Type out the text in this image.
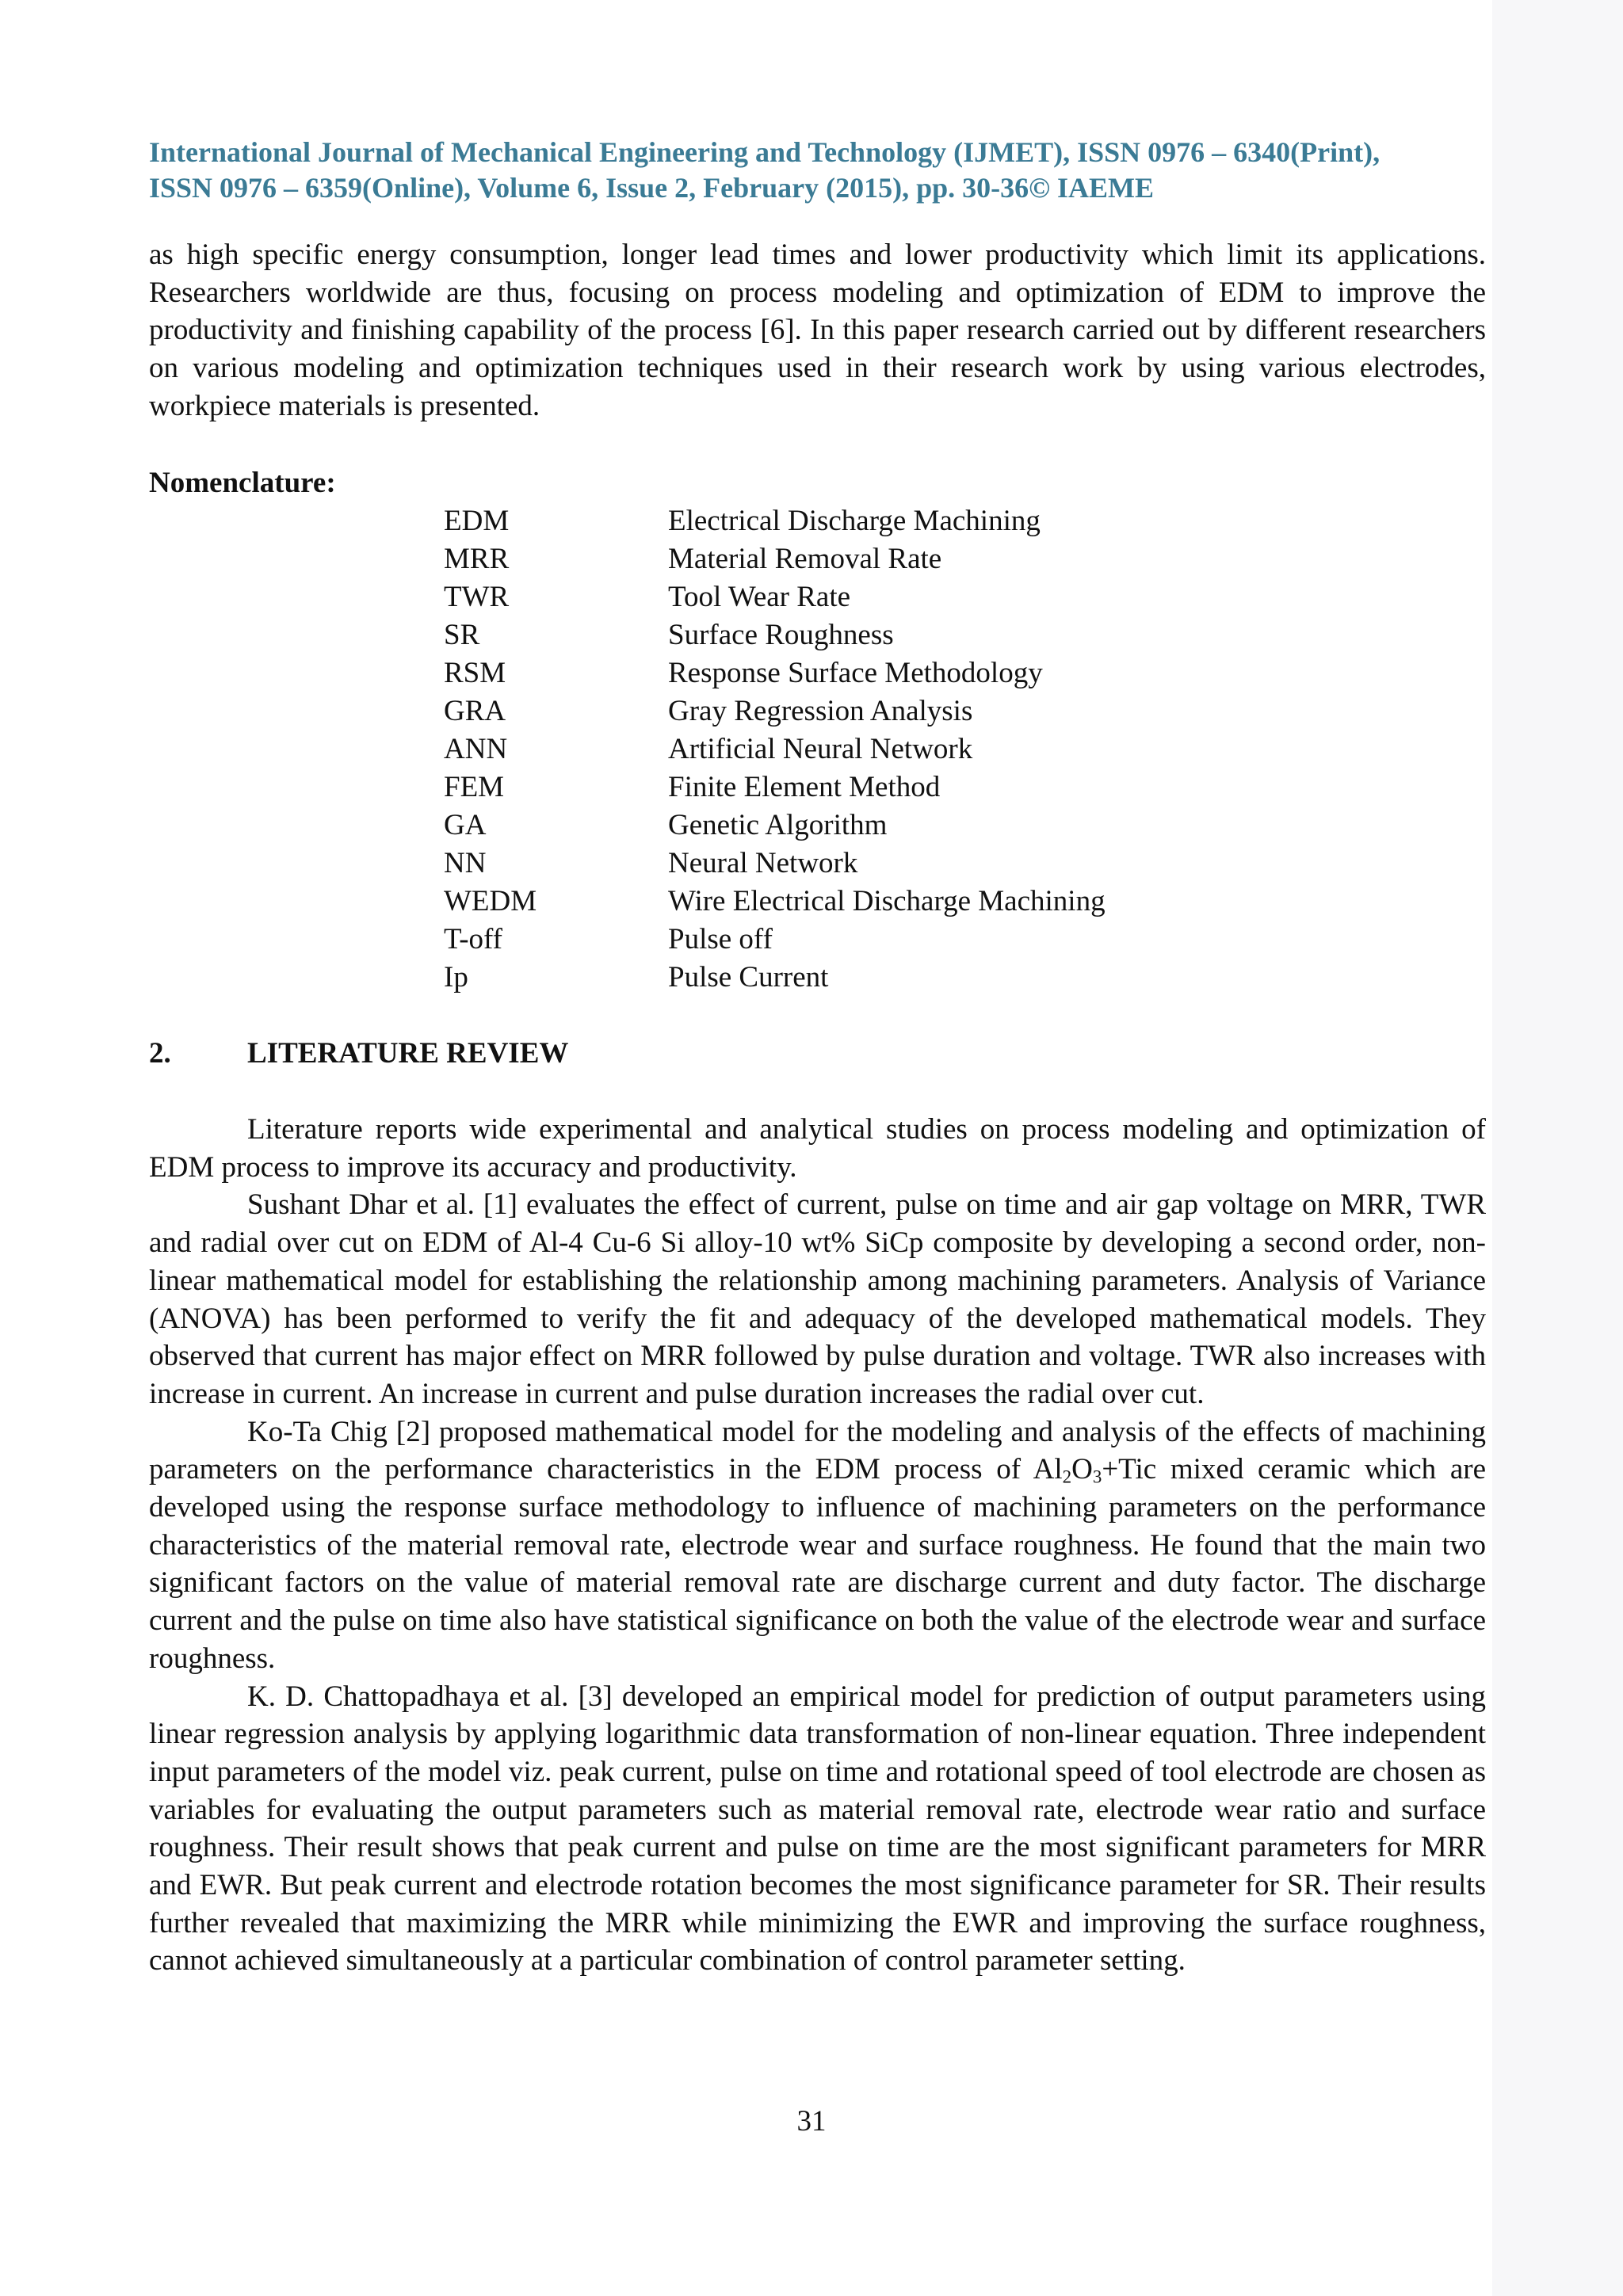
International Journal of Mechanical Engineering and Technology (IJMET), ISSN 0976 – 6340(Print),
ISSN 0976 – 6359(Online), Volume 6, Issue 2, February (2015), pp. 30-36© IAEME

as high specific energy consumption, longer lead times and lower productivity which limit its applications. Researchers worldwide are thus, focusing on process modeling and optimization of EDM to improve the productivity and finishing capability of the process [6]. In this paper research carried out by different researchers on various modeling and optimization techniques used in their research work by using various electrodes, workpiece materials is presented.

Nomenclature:
EDM	Electrical Discharge Machining
MRR	Material Removal Rate
TWR	Tool Wear Rate
SR	Surface Roughness
RSM	Response Surface Methodology
GRA	Gray Regression Analysis
ANN	Artificial Neural Network
FEM	Finite Element Method
GA	Genetic Algorithm
NN	Neural Network
WEDM	Wire Electrical Discharge Machining
T-off	Pulse off
Ip	Pulse Current
2.	LITERATURE REVIEW

Literature reports wide experimental and analytical studies on process modeling and optimization of EDM process to improve its accuracy and productivity.

Sushant Dhar et al. [1] evaluates the effect of current, pulse on time and air gap voltage on MRR, TWR and radial over cut on EDM of Al-4 Cu-6 Si alloy-10 wt% SiCp composite by developing a second order, non-linear mathematical model for establishing the relationship among machining parameters. Analysis of Variance (ANOVA) has been performed to verify the fit and adequacy of the developed mathematical models. They observed that current has major effect on MRR followed by pulse duration and voltage. TWR also increases with increase in current. An increase in current and pulse duration increases the radial over cut.

Ko-Ta Chig [2] proposed mathematical model for the modeling and analysis of the effects of machining parameters on the performance characteristics in the EDM process of $Al_2O_3+Tic$ mixed ceramic which are developed using the response surface methodology to influence of machining parameters on the performance characteristics of the material removal rate, electrode wear and surface roughness. He found that the main two significant factors on the value of material removal rate are discharge current and duty factor. The discharge current and the pulse on time also have statistical significance on both the value of the electrode wear and surface roughness.

K. D. Chattopadhaya et al. [3] developed an empirical model for prediction of output parameters using linear regression analysis by applying logarithmic data transformation of non-linear equation. Three independent input parameters of the model viz. peak current, pulse on time and rotational speed of tool electrode are chosen as variables for evaluating the output parameters such as material removal rate, electrode wear ratio and surface roughness. Their result shows that peak current and pulse on time are the most significant parameters for MRR and EWR. But peak current and electrode rotation becomes the most significance parameter for SR. Their results further revealed that maximizing the MRR while minimizing the EWR and improving the surface roughness, cannot achieved simultaneously at a particular combination of control parameter setting.

31
